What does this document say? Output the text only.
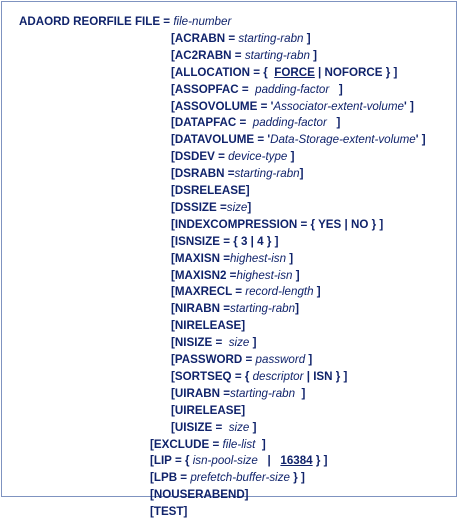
ADAORD REORFILE FILE = file-number
[ACRABN = starting-rabn ]
[AC2RABN = starting-rabn ]
[ALLOCATION = { FORCE | NOFORCE } ]
[ASSOPFAC = padding-factor ]
[ASSOVOLUME = 'Associator-extent-volume' ]
[DATAPFAC = padding-factor ]
[DATAVOLUME = 'Data-Storage-extent-volume' ]
[DSDEV = device-type ]
[DSRABN =starting-rabn]
[DSRELEASE]
[DSSIZE =size]
[INDEXCOMPRESSION = { YES | NO } ]
[ISNSIZE = { 3 | 4 } ]
[MAXISN =highest-isn ]
[MAXISN2 =highest-isn ]
[MAXRECL = record-length ]
[NIRABN =starting-rabn]
[NIRELEASE]
[NISIZE = size ]
[PASSWORD = password ]
[SORTSEQ = { descriptor | ISN } ]
[UIRABN =starting-rabn ]
[UIRELEASE]
[UISIZE = size ]
[EXCLUDE = file-list ]
[LIP = { isn-pool-size | 16384 } ]
[LPB = prefetch-buffer-size } ]
[NOUSERABEND]
[TEST]
